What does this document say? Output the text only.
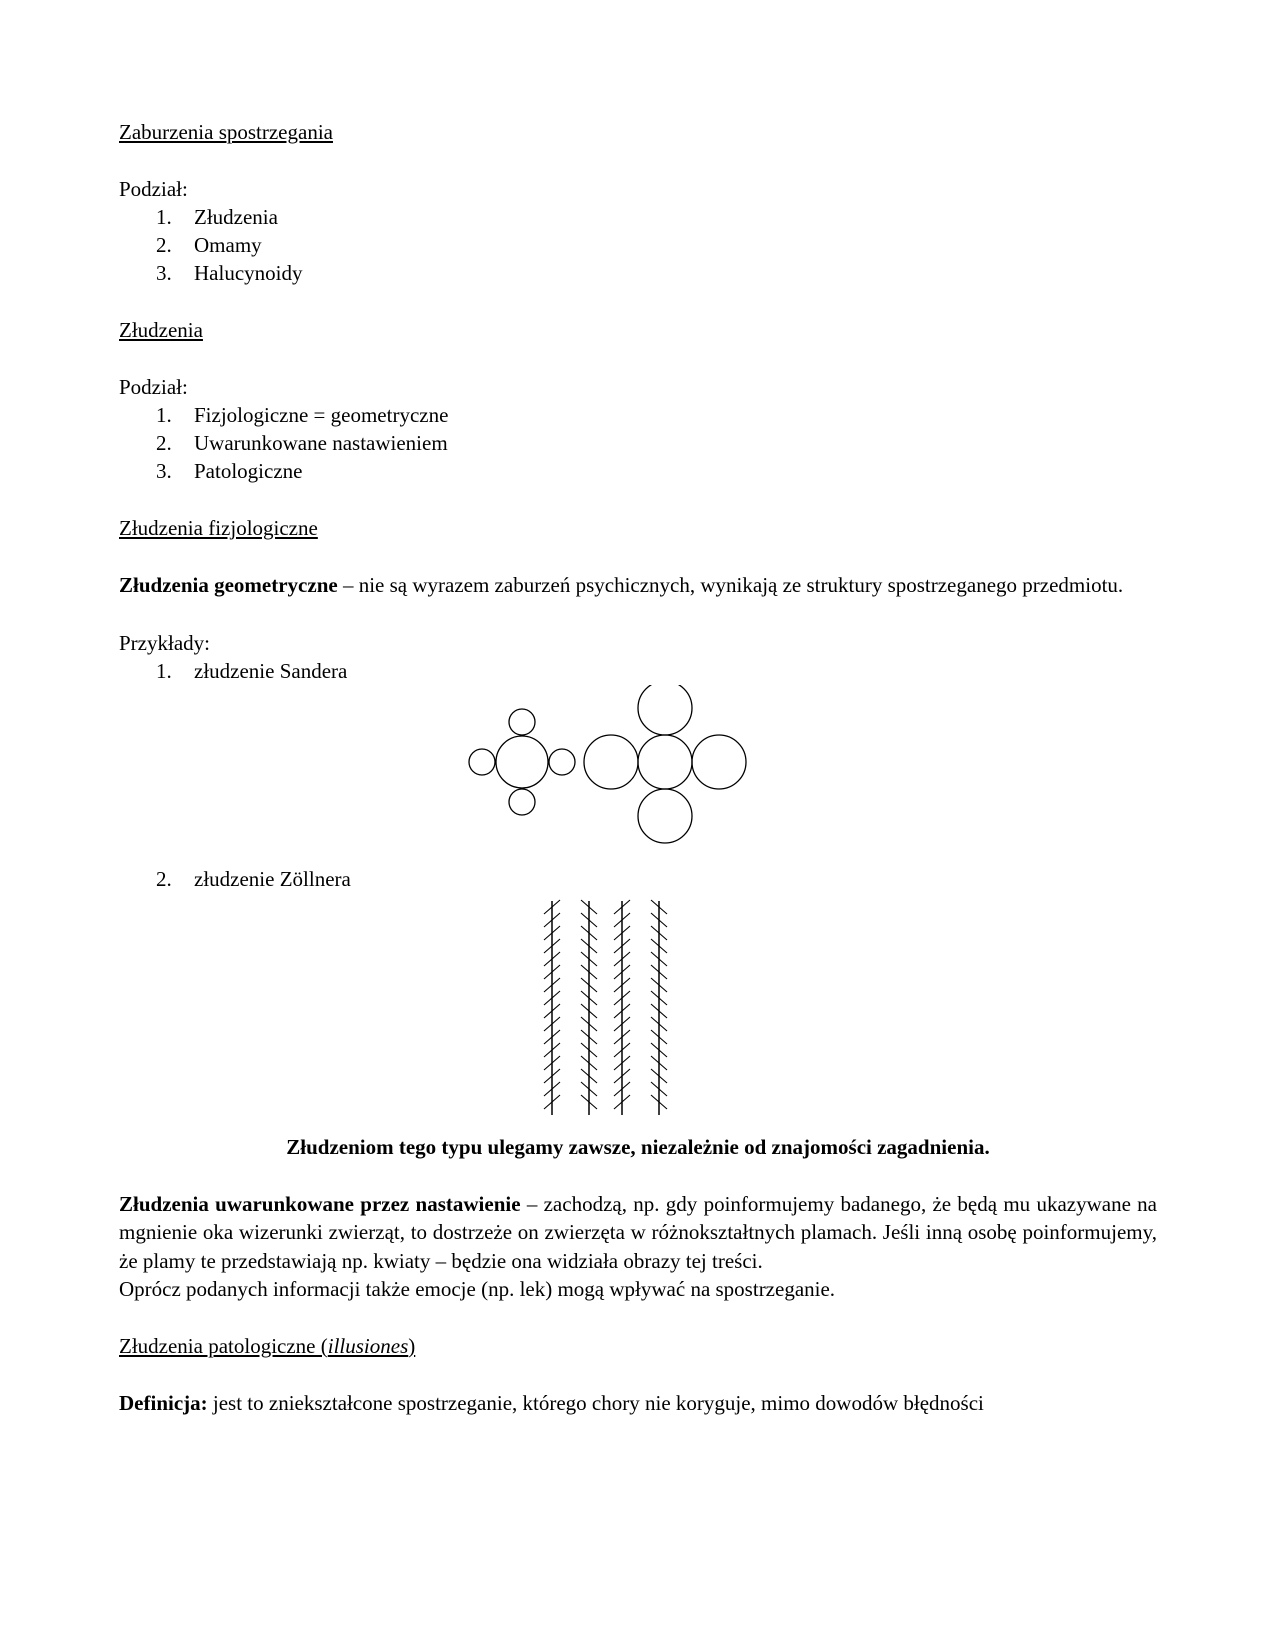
Zaburzenia spostrzegania
Podział:
1. Złudzenia
2. Omamy
3. Halucynoidy
Złudzenia
Podział:
1. Fizjologiczne = geometryczne
2. Uwarunkowane nastawieniem
3. Patologiczne
Złudzenia fizjologiczne
Złudzenia geometryczne – nie są wyrazem zaburzeń psychicznych, wynikają ze struktury spostrzeganego przedmiotu.
Przykłady:
1. złudzenie Sandera
2. złudzenie Zöllnera
Złudzeniom tego typu ulegamy zawsze, niezależnie od znajomości zagadnienia.
Złudzenia uwarunkowane przez nastawienie – zachodzą, np. gdy poinformujemy badanego, że będą mu ukazywane na mgnienie oka wizerunki zwierząt, to dostrzeże on zwierzęta w różnokształtnych plamach. Jeśli inną osobę poinformujemy, że plamy te przedstawiają np. kwiaty – będzie ona widziała obrazy tej treści.
Oprócz podanych informacji także emocje (np. lek) mogą wpływać na spostrzeganie.
Złudzenia patologiczne (illusiones)
Definicja: jest to zniekształcone spostrzeganie, którego chory nie koryguje, mimo dowodów błędności
